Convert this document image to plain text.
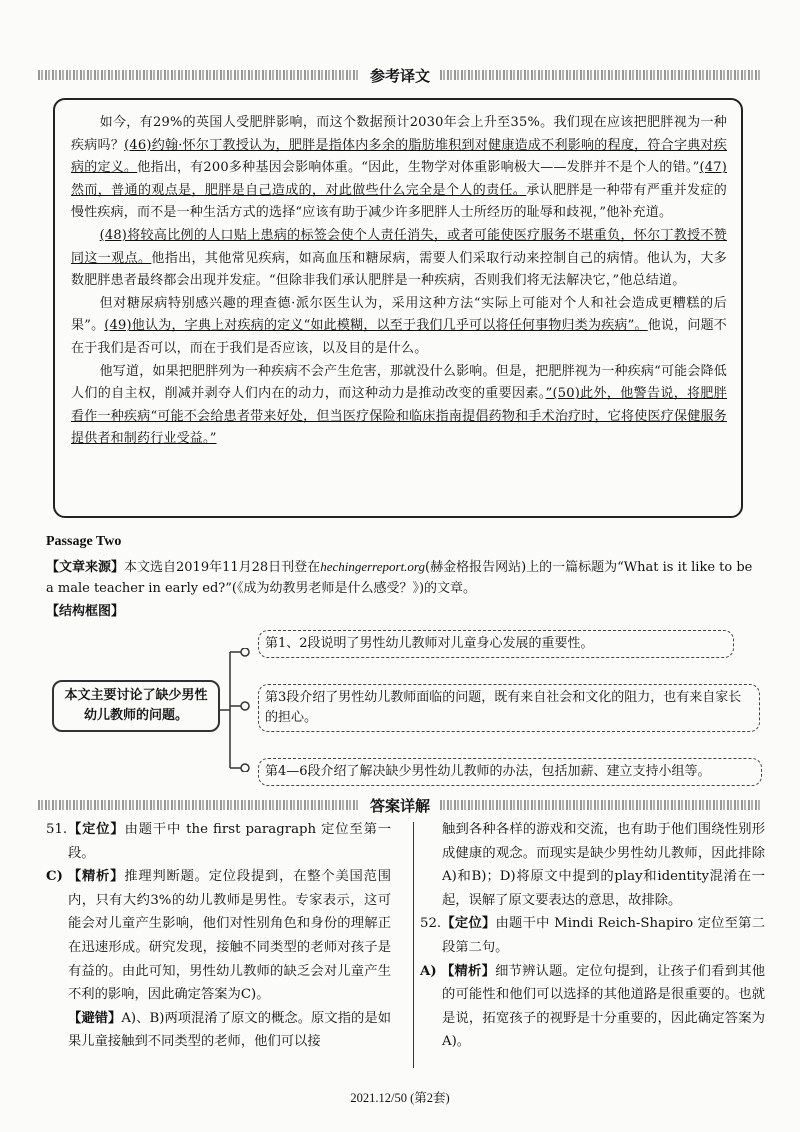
参考译文

如今，有29%的英国人受肥胖影响，而这个数据预计2030年会上升至35%。我们现在应该把肥胖视为一种疾病吗？(46)约翰·怀尔丁教授认为，肥胖是指体内多余的脂肪堆积到对健康造成不利影响的程度，符合字典对疾病的定义。他指出，有200多种基因会影响体重。“因此，生物学对体重影响极大——发胖并不是个人的错。”(47)然而，普通的观点是，肥胖是自己造成的，对此做些什么完全是个人的责任。承认肥胖是一种带有严重并发症的慢性疾病，而不是一种生活方式的选择“应该有助于减少许多肥胖人士所经历的耻辱和歧视，”他补充道。

(48)将较高比例的人口贴上患病的标签会使个人责任消失，或者可能使医疗服务不堪重负，怀尔丁教授不赞同这一观点。他指出，其他常见疾病，如高血压和糖尿病，需要人们采取行动来控制自己的病情。他认为，大多数肥胖患者最终都会出现并发症。“但除非我们承认肥胖是一种疾病，否则我们将无法解决它，”他总结道。

但对糖尿病特别感兴趣的理查德·派尔医生认为，采用这种方法“实际上可能对个人和社会造成更糟糕的后果”。(49)他认为，字典上对疾病的定义“如此模糊，以至于我们几乎可以将任何事物归类为疾病”。他说，问题不在于我们是否可以，而在于我们是否应该，以及目的是什么。

他写道，如果把肥胖列为一种疾病不会产生危害，那就没什么影响。但是，把肥胖视为一种疾病“可能会降低人们的自主权，削减并剥夺人们内在的动力，而这种动力是推动改变的重要因素。”(50)此外，他警告说，将肥胖看作一种疾病“可能不会给患者带来好处，但当医疗保险和临床指南提倡药物和手术治疗时，它将使医疗保健服务提供者和制药行业受益。”

Passage Two
【文章来源】本文选自2019年11月28日刊登在hechingerreport.org(赫金格报告网站)上的一篇标题为“What is it like to be a male teacher in early ed?”(《成为幼教男老师是什么感受？》)的文章。
【结构框图】
本文主要讨论了缺少男性幼儿教师的问题。
第1、2段说明了男性幼儿教师对儿童身心发展的重要性。
第3段介绍了男性幼儿教师面临的问题，既有来自社会和文化的阻力，也有来自家长的担心。
第4—6段介绍了解决缺少男性幼儿教师的办法，包括加薪、建立支持小组等。
答案详解

51.【定位】由题干中 the first paragraph 定位至第一段。

C) 【精析】推理判断题。定位段提到，在整个美国范围内，只有大约3%的幼儿教师是男性。专家表示，这可能会对儿童产生影响，他们对性别角色和身份的理解正在迅速形成。研究发现，接触不同类型的老师对孩子是有益的。由此可知，男性幼儿教师的缺乏会对儿童产生不利的影响，因此确定答案为C)。

【避错】A)、B)两项混淆了原文的概念。原文指的是如果儿童接触到不同类型的老师，他们可以接

触到各种各样的游戏和交流，也有助于他们围绕性别形成健康的观念。而现实是缺少男性幼儿教师，因此排除A)和B)；D)将原文中提到的play和identity混淆在一起，误解了原文要表达的意思，故排除。

52.【定位】由题干中 Mindi Reich-Shapiro 定位至第二段第二句。

A) 【精析】细节辨认题。定位句提到，让孩子们看到其他的可能性和他们可以选择的其他道路是很重要的。也就是说，拓宽孩子的视野是十分重要的，因此确定答案为A)。

2021.12/50 (第2套)
